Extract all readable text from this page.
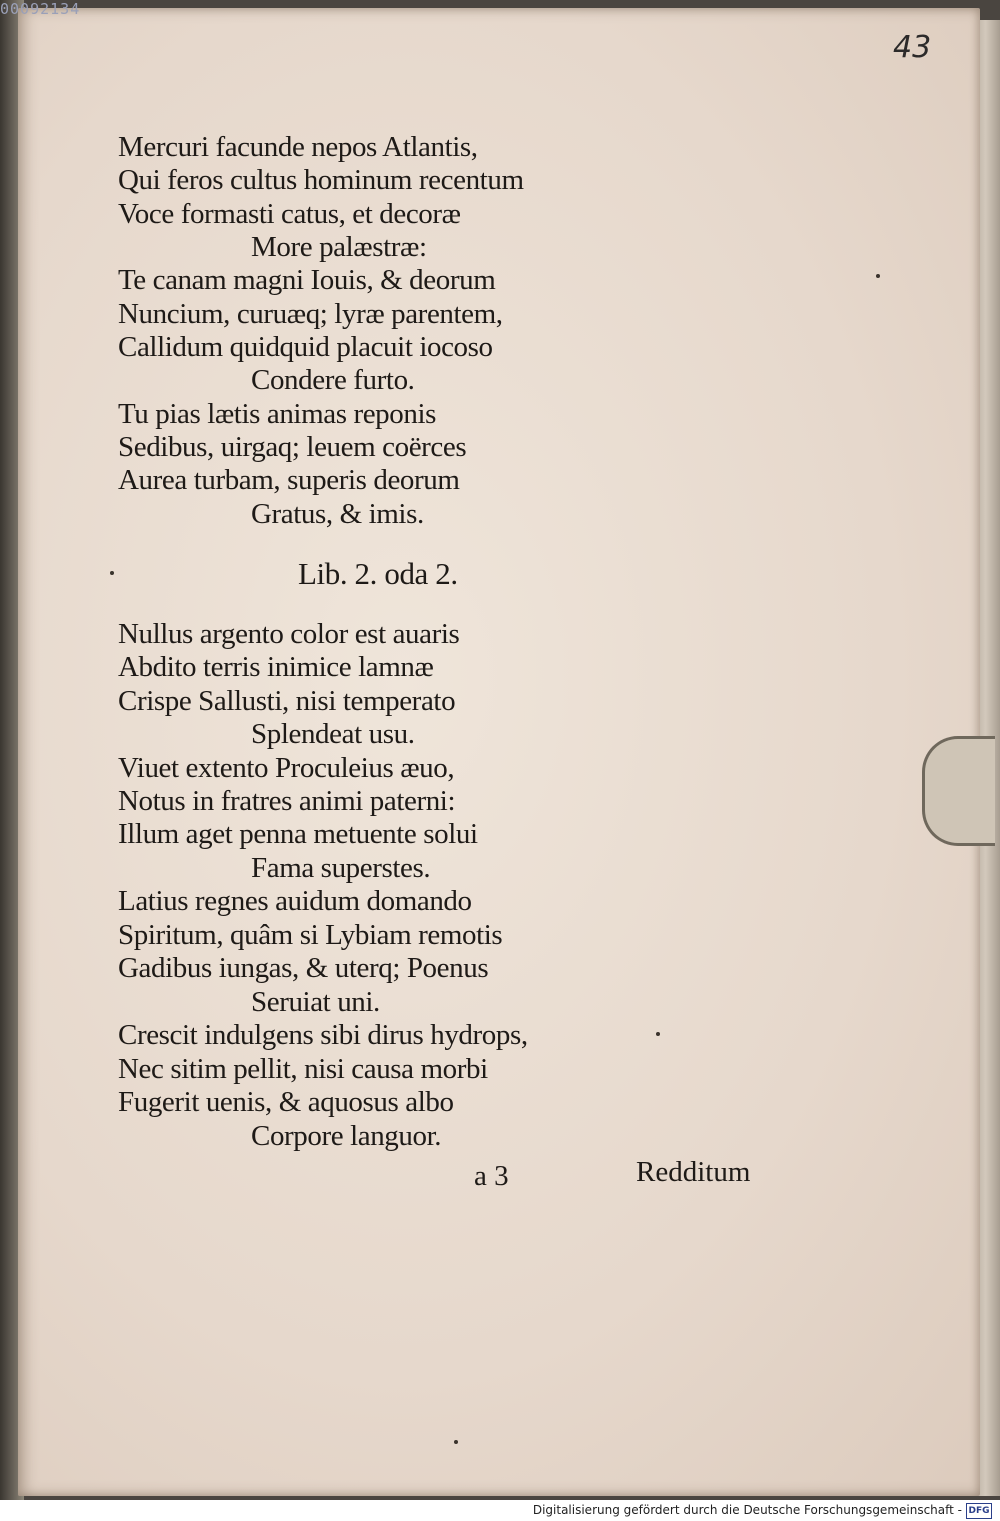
43
Mercuri facunde nepos Atlantis,
Qui feros cultus hominum recentum
Voce formasti catus, et decoræ
More palæstræ:
Te canam magni Iouis, & deorum
Nuncium, curuæq; lyræ parentem,
Callidum quidquid placuit iocoso
Condere furto.
Tu pias lætis animas reponis
Sedibus, uirgaq; leuem coërces
Aurea turbam, superis deorum
Gratus, & imis.
Lib. 2. oda 2.
Nullus argento color est auaris
Abdito terris inimice lamnæ
Crispe Sallusti, nisi temperato
Splendeat usu.
Viuet extento Proculeius æuo,
Notus in fratres animi paterni:
Illum aget penna metuente solui
Fama superstes.
Latius regnes auidum domando
Spiritum, quâm si Lybiam remotis
Gadibus iungas, & uterq; Poenus
Seruiat uni.
Crescit indulgens sibi dirus hydrops,
Nec sitim pellit, nisi causa morbi
Fugerit uenis, & aquosus albo
Corpore languor.
a 3	Redditum
00092134
Digitalisierung gefördert durch die Deutsche Forschungsgemeinschaft - DFG
